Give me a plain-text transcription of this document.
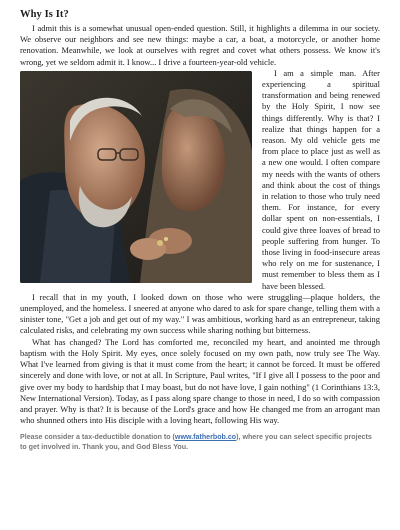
Why Is It?

I admit this is a somewhat unusual open-ended question. Still, it highlights a dilemma in our society. We observe our neighbors and see new things: maybe a car, a boat, a motorcycle, or another home renovation. Meanwhile, we look at ourselves with regret and covet what others possess. We know it's wrong, yet we seldom admit it. I know... I drive a fourteen-year-old vehicle.

I am a simple man. After experiencing a spiritual transformation and being renewed by the Holy Spirit, I now see things differently. Why is that? I realize that things happen for a reason. My old vehicle gets me from place to place just as well as a new one would. I often compare my needs with the wants of others and think about the cost of things in relation to those who truly need them. For instance, for every dollar spent on non-essentials, I could give three loaves of bread to people suffering from hunger. To those living in food-insecure areas who rely on me for sustenance, I must remember to bless them as I have been blessed.

I recall that in my youth, I looked down on those who were struggling—plaque holders, the unemployed, and the homeless. I sneered at anyone who dared to ask for spare change, telling them with a sinister tone, "Get a job and get out of my way." I was ambitious, working hard as an entrepreneur, taking calculated risks, and celebrating my own success while sharing nothing but bitterness.

What has changed? The Lord has comforted me, reconciled my heart, and anointed me through baptism with the Holy Spirit. My eyes, once solely focused on my own path, now truly see The Way. What I've learned from giving is that it must come from the heart; it cannot be forced. It must be offered sincerely and done with love, or not at all. In Scripture, Paul writes, "If I give all I possess to the poor and give over my body to hardship that I may boast, but do not have love, I gain nothing" (1 Corinthians 13:3, New International Version). Today, as I pass along spare change to those in need, I do so with compassion and prayer. Why is that? It is because of the Lord's grace and how He changed me from an arrogant man who shunned others into His disciple with a loving heart, following His way.

Please consider a tax-deductible donation to (www.fatherbob.co), where you can select specific projects to get involved in. Thank you, and God Bless You.
